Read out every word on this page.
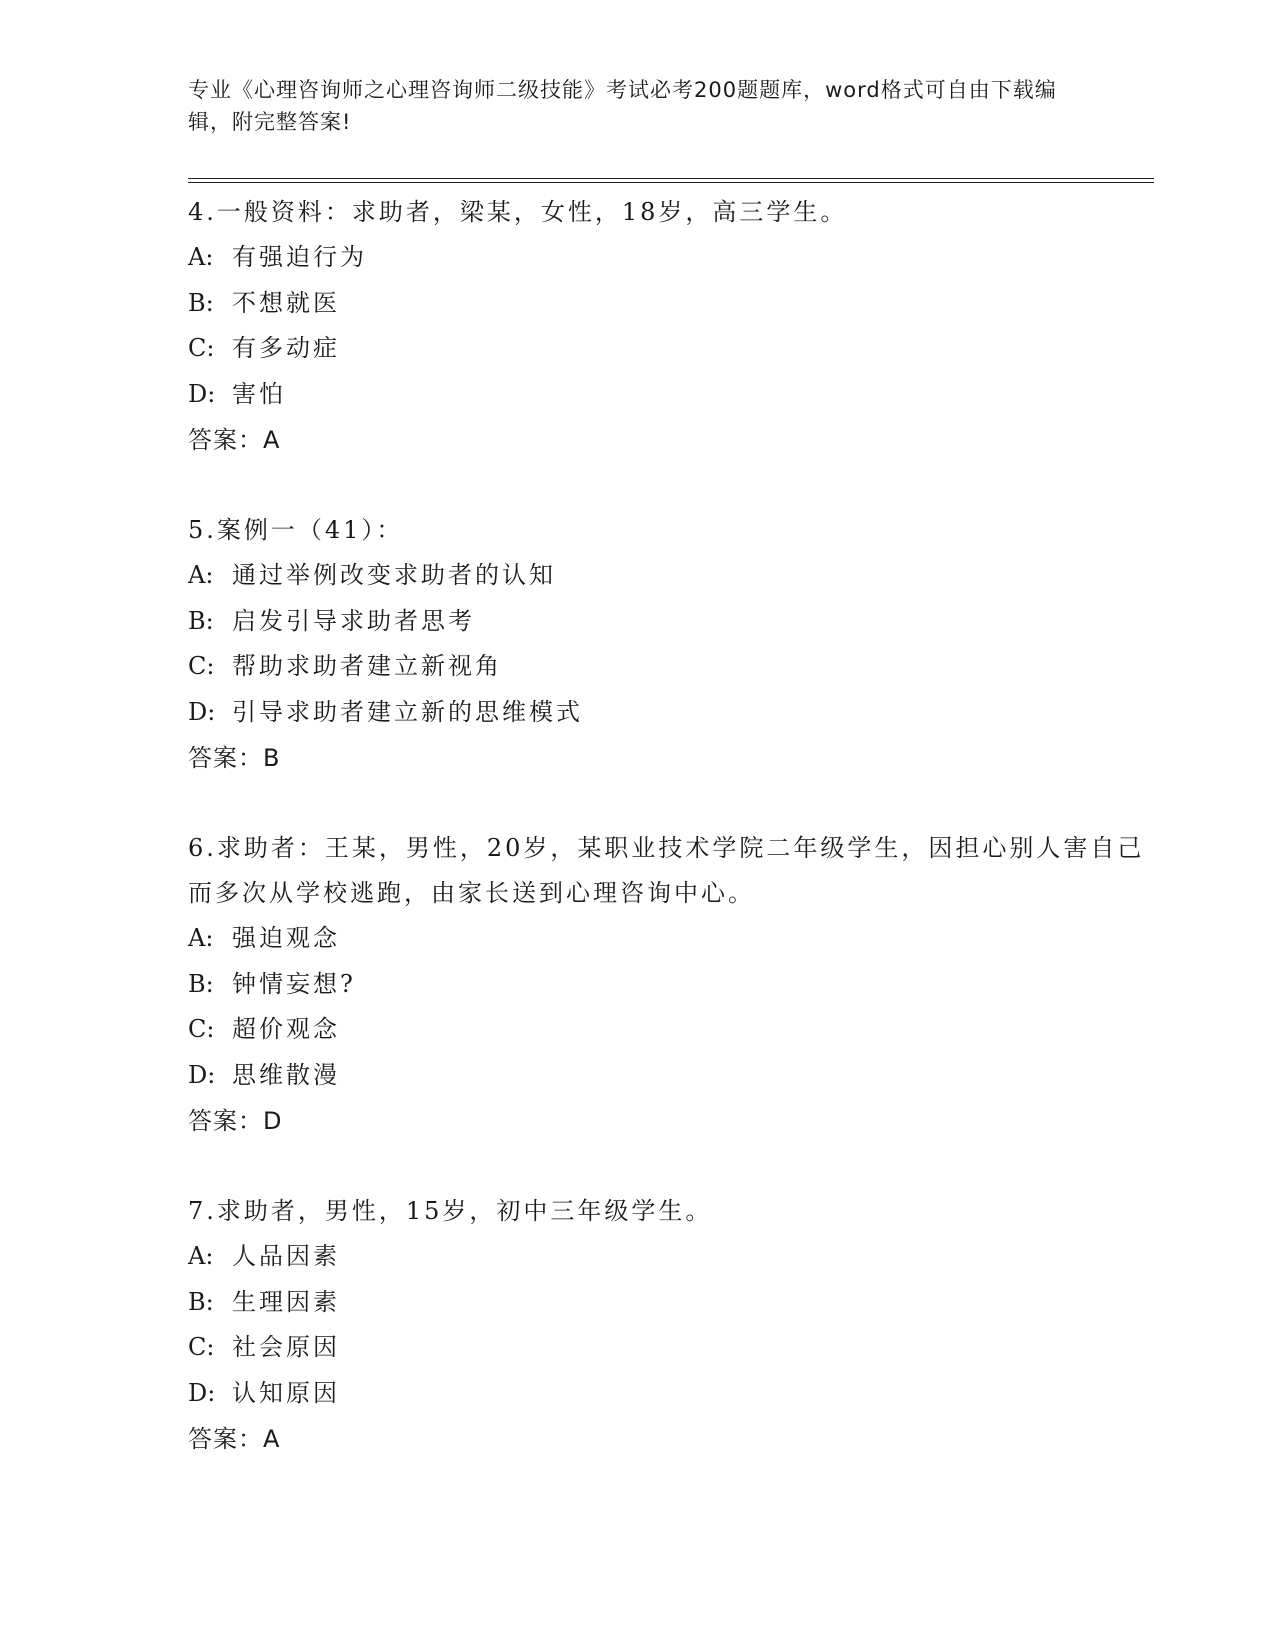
专业《心理咨询师之心理咨询师二级技能》考试必考200题题库，word格式可自由下载编辑，附完整答案!
4.一般资料：求助者，梁某，女性，18岁，高三学生。
A: 有强迫行为
B: 不想就医
C: 有多动症
D: 害怕
答案：A
5.案例一（41）：
A: 通过举例改变求助者的认知
B: 启发引导求助者思考
C: 帮助求助者建立新视角
D: 引导求助者建立新的思维模式
答案：B
6.求助者：王某，男性，20岁，某职业技术学院二年级学生，因担心别人害自己而多次从学校逃跑，由家长送到心理咨询中心。
A: 强迫观念
B: 钟情妄想?
C: 超价观念
D: 思维散漫
答案：D
7.求助者，男性，15岁，初中三年级学生。
A: 人品因素
B: 生理因素
C: 社会原因
D: 认知原因
答案：A
